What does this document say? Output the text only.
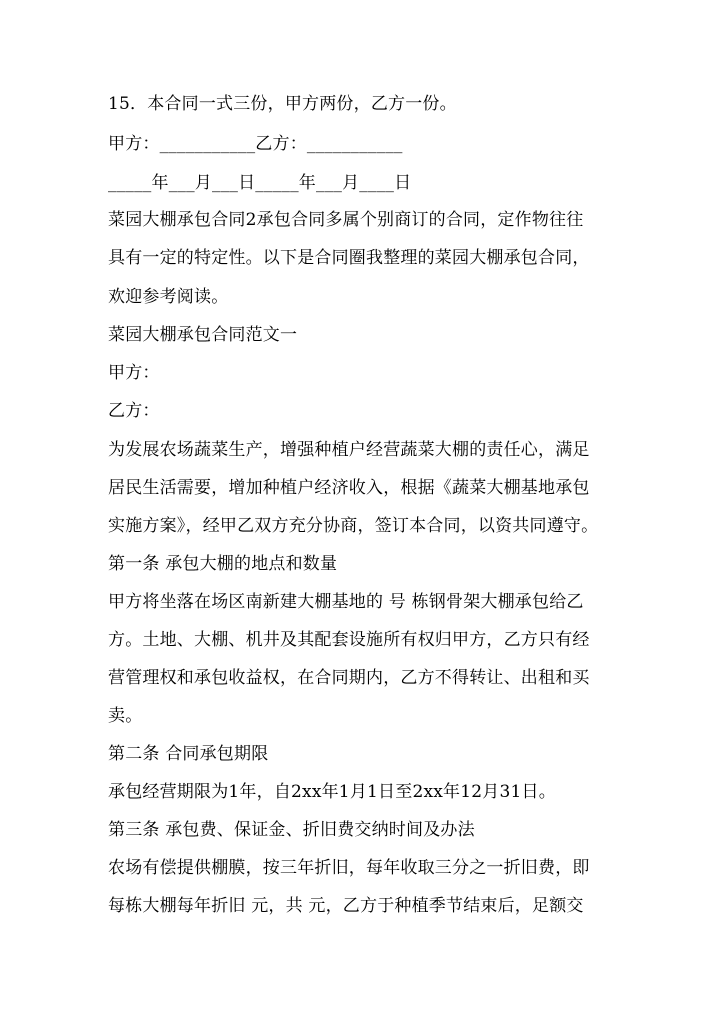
15．本合同一式三份，甲方两份，乙方一份。
甲方：___________乙方：___________
_____年___月___日_____年___月____日
菜园大棚承包合同2承包合同多属个别商订的合同，定作物往往
具有一定的特定性。以下是合同圈我整理的菜园大棚承包合同，
欢迎参考阅读。
菜园大棚承包合同范文一
甲方：
乙方：
为发展农场蔬菜生产，增强种植户经营蔬菜大棚的责任心，满足
居民生活需要，增加种植户经济收入，根据《蔬菜大棚基地承包
实施方案》，经甲乙双方充分协商，签订本合同，以资共同遵守。
第一条 承包大棚的地点和数量
甲方将坐落在场区南新建大棚基地的 号 栋钢骨架大棚承包给乙
方。土地、大棚、机井及其配套设施所有权归甲方，乙方只有经
营管理权和承包收益权，在合同期内，乙方不得转让、出租和买
卖。
第二条 合同承包期限
承包经营期限为1年，自2xx年1月1日至2xx年12月31日。
第三条 承包费、保证金、折旧费交纳时间及办法
农场有偿提供棚膜，按三年折旧，每年收取三分之一折旧费，即
每栋大棚每年折旧 元，共 元，乙方于种植季节结束后，足额交
